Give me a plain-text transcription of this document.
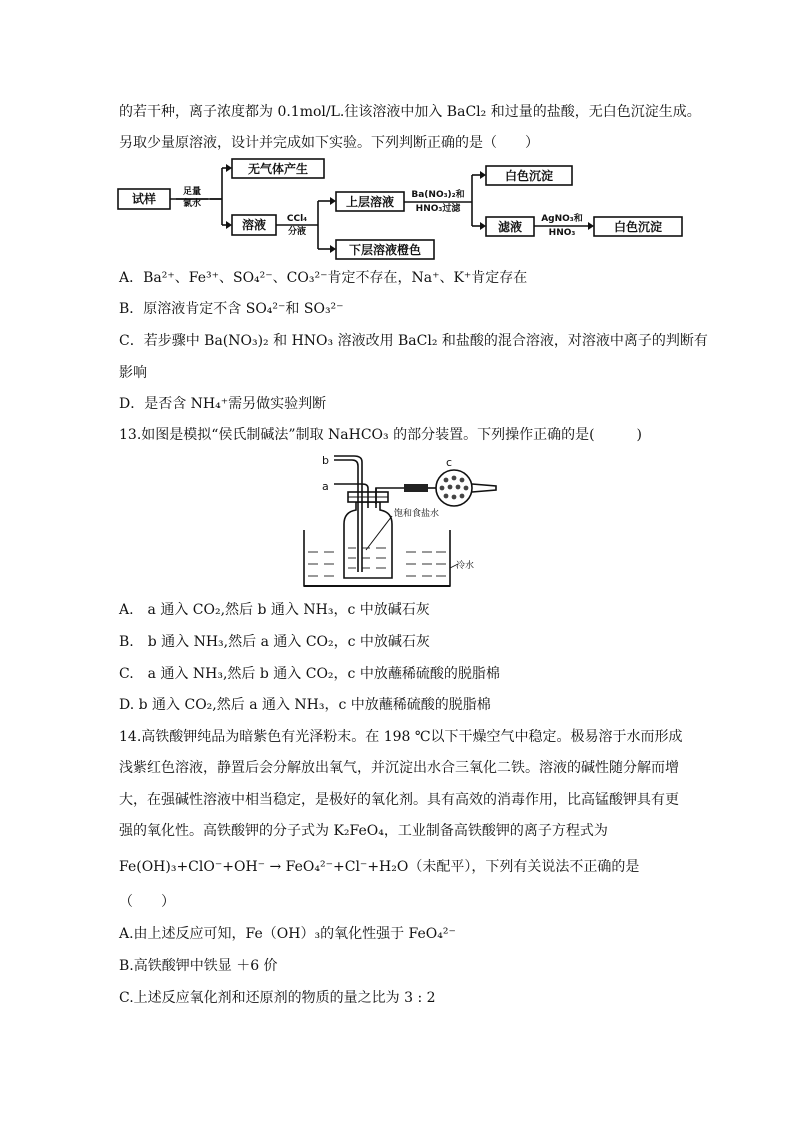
的若干种，离子浓度都为 0.1mol/L.往该溶液中加入 BaCl₂ 和过量的盐酸，无白色沉淀生成。
另取少量原溶液，设计并完成如下实验。下列判断正确的是（　　）
试样	足量
氯水
无气体产生
溶液 CCl₄
分液
上层溶液
下层溶液橙色
Ba(NO₃)₂和
HNO₃过滤
白色沉淀
滤液
AgNO₃和
HNO₃	白色沉淀
A．Ba²⁺、Fe³⁺、SO₄²⁻、CO₃²⁻肯定不存在，Na⁺、K⁺肯定存在
B．原溶液肯定不含 SO₄²⁻和 SO₃²⁻
C．若步骤中 Ba(NO₃)₂ 和 HNO₃ 溶液改用 BaCl₂ 和盐酸的混合溶液，对溶液中离子的判断有
影响
D．是否含 NH₄⁺需另做实验判断
13.如图是模拟“侯氏制碱法”制取 NaHCO₃ 的部分装置。下列操作正确的是(　　　)
b
a
c
饱和食盐水
冷水
A.　a 通入 CO₂,然后 b 通入 NH₃，c 中放碱石灰
B.　b 通入 NH₃,然后 a 通入 CO₂，c 中放碱石灰
C.　a 通入 NH₃,然后 b 通入 CO₂，c 中放蘸稀硫酸的脱脂棉
D. b 通入 CO₂,然后 a 通入 NH₃，c 中放蘸稀硫酸的脱脂棉
14.高铁酸钾纯品为暗紫色有光泽粉末。在 198 ℃以下干燥空气中稳定。极易溶于水而形成
浅紫红色溶液，静置后会分解放出氧气，并沉淀出水合三氧化二铁。溶液的碱性随分解而增
大，在强碱性溶液中相当稳定，是极好的氧化剂。具有高效的消毒作用，比高锰酸钾具有更
强的氧化性。高铁酸钾的分子式为 K₂FeO₄，工业制备高铁酸钾的离子方程式为
Fe(OH)₃+ClO⁻+OH⁻ → FeO₄²⁻+Cl⁻+H₂O（未配平），下列有关说法不正确的是
（　　）
A.由上述反应可知，Fe（OH）₃的氧化性强于 FeO₄²⁻
B.高铁酸钾中铁显 ＋6 价
C.上述反应氧化剂和还原剂的物质的量之比为 3 : 2
